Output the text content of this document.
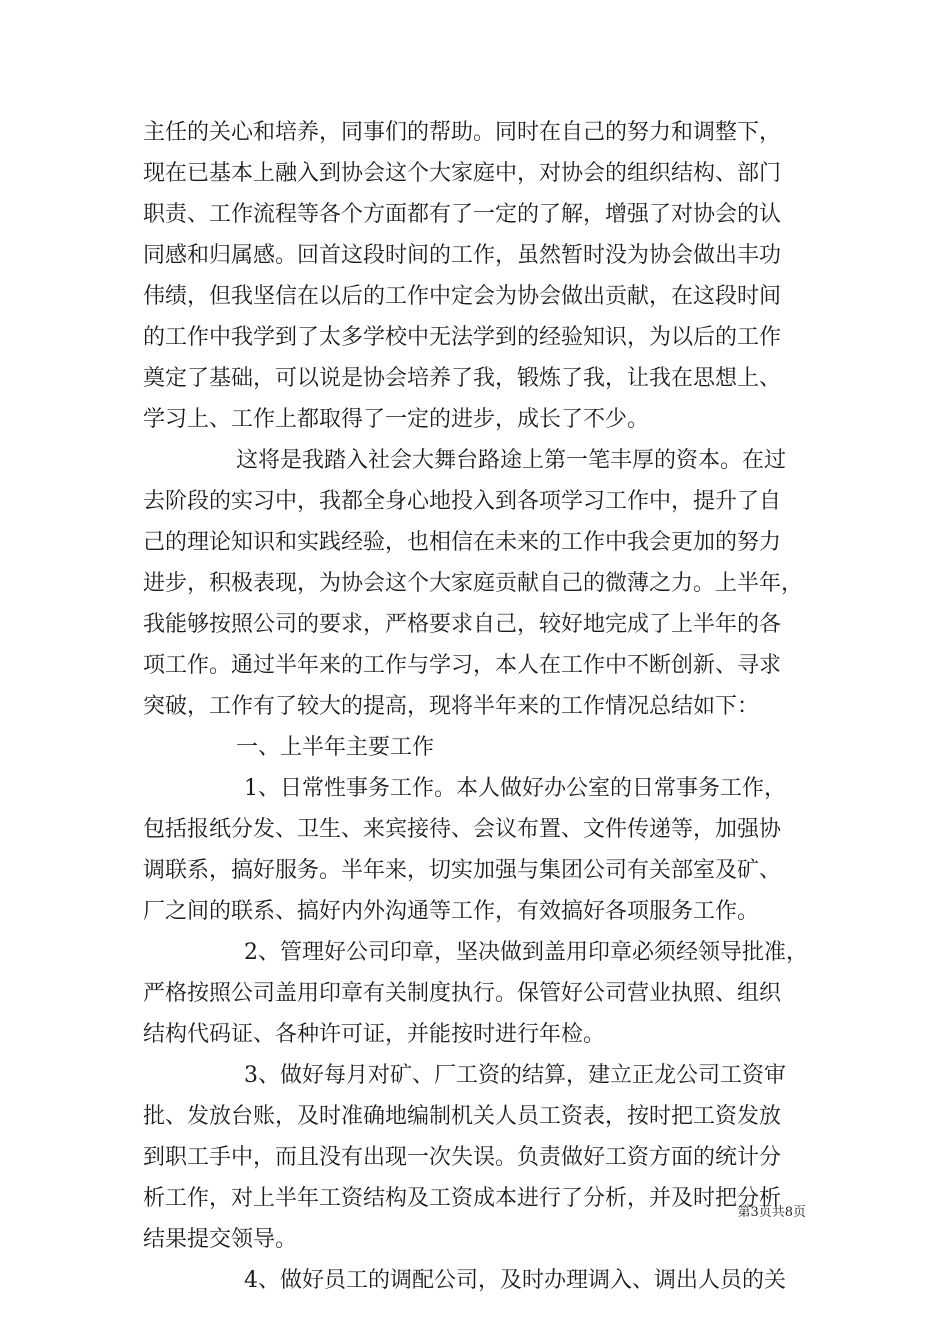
主任的关心和培养，同事们的帮助。同时在自己的努力和调整下，
现在已基本上融入到协会这个大家庭中，对协会的组织结构、部门
职责、工作流程等各个方面都有了一定的了解，增强了对协会的认
同感和归属感。回首这段时间的工作，虽然暂时没为协会做出丰功
伟绩，但我坚信在以后的工作中定会为协会做出贡献，在这段时间
的工作中我学到了太多学校中无法学到的经验知识，为以后的工作
奠定了基础，可以说是协会培养了我，锻炼了我，让我在思想上、
学习上、工作上都取得了一定的进步，成长了不少。
这将是我踏入社会大舞台路途上第一笔丰厚的资本。在过
去阶段的实习中，我都全身心地投入到各项学习工作中，提升了自
己的理论知识和实践经验，也相信在未来的工作中我会更加的努力
进步，积极表现，为协会这个大家庭贡献自己的微薄之力。上半年，
我能够按照公司的要求，严格要求自己，较好地完成了上半年的各
项工作。通过半年来的工作与学习，本人在工作中不断创新、寻求
突破，工作有了较大的提高，现将半年来的工作情况总结如下：
一、上半年主要工作
1、日常性事务工作。本人做好办公室的日常事务工作，
包括报纸分发、卫生、来宾接待、会议布置、文件传递等，加强协
调联系，搞好服务。半年来，切实加强与集团公司有关部室及矿、
厂之间的联系、搞好内外沟通等工作，有效搞好各项服务工作。
2、管理好公司印章，坚决做到盖用印章必须经领导批准，
严格按照公司盖用印章有关制度执行。保管好公司营业执照、组织
结构代码证、各种许可证，并能按时进行年检。
3、做好每月对矿、厂工资的结算，建立正龙公司工资审
批、发放台账，及时准确地编制机关人员工资表，按时把工资发放
到职工手中，而且没有出现一次失误。负责做好工资方面的统计分
析工作，对上半年工资结构及工资成本进行了分析，并及时把分析
结果提交领导。
4、做好员工的调配公司，及时办理调入、调出人员的关
第3页共8页
